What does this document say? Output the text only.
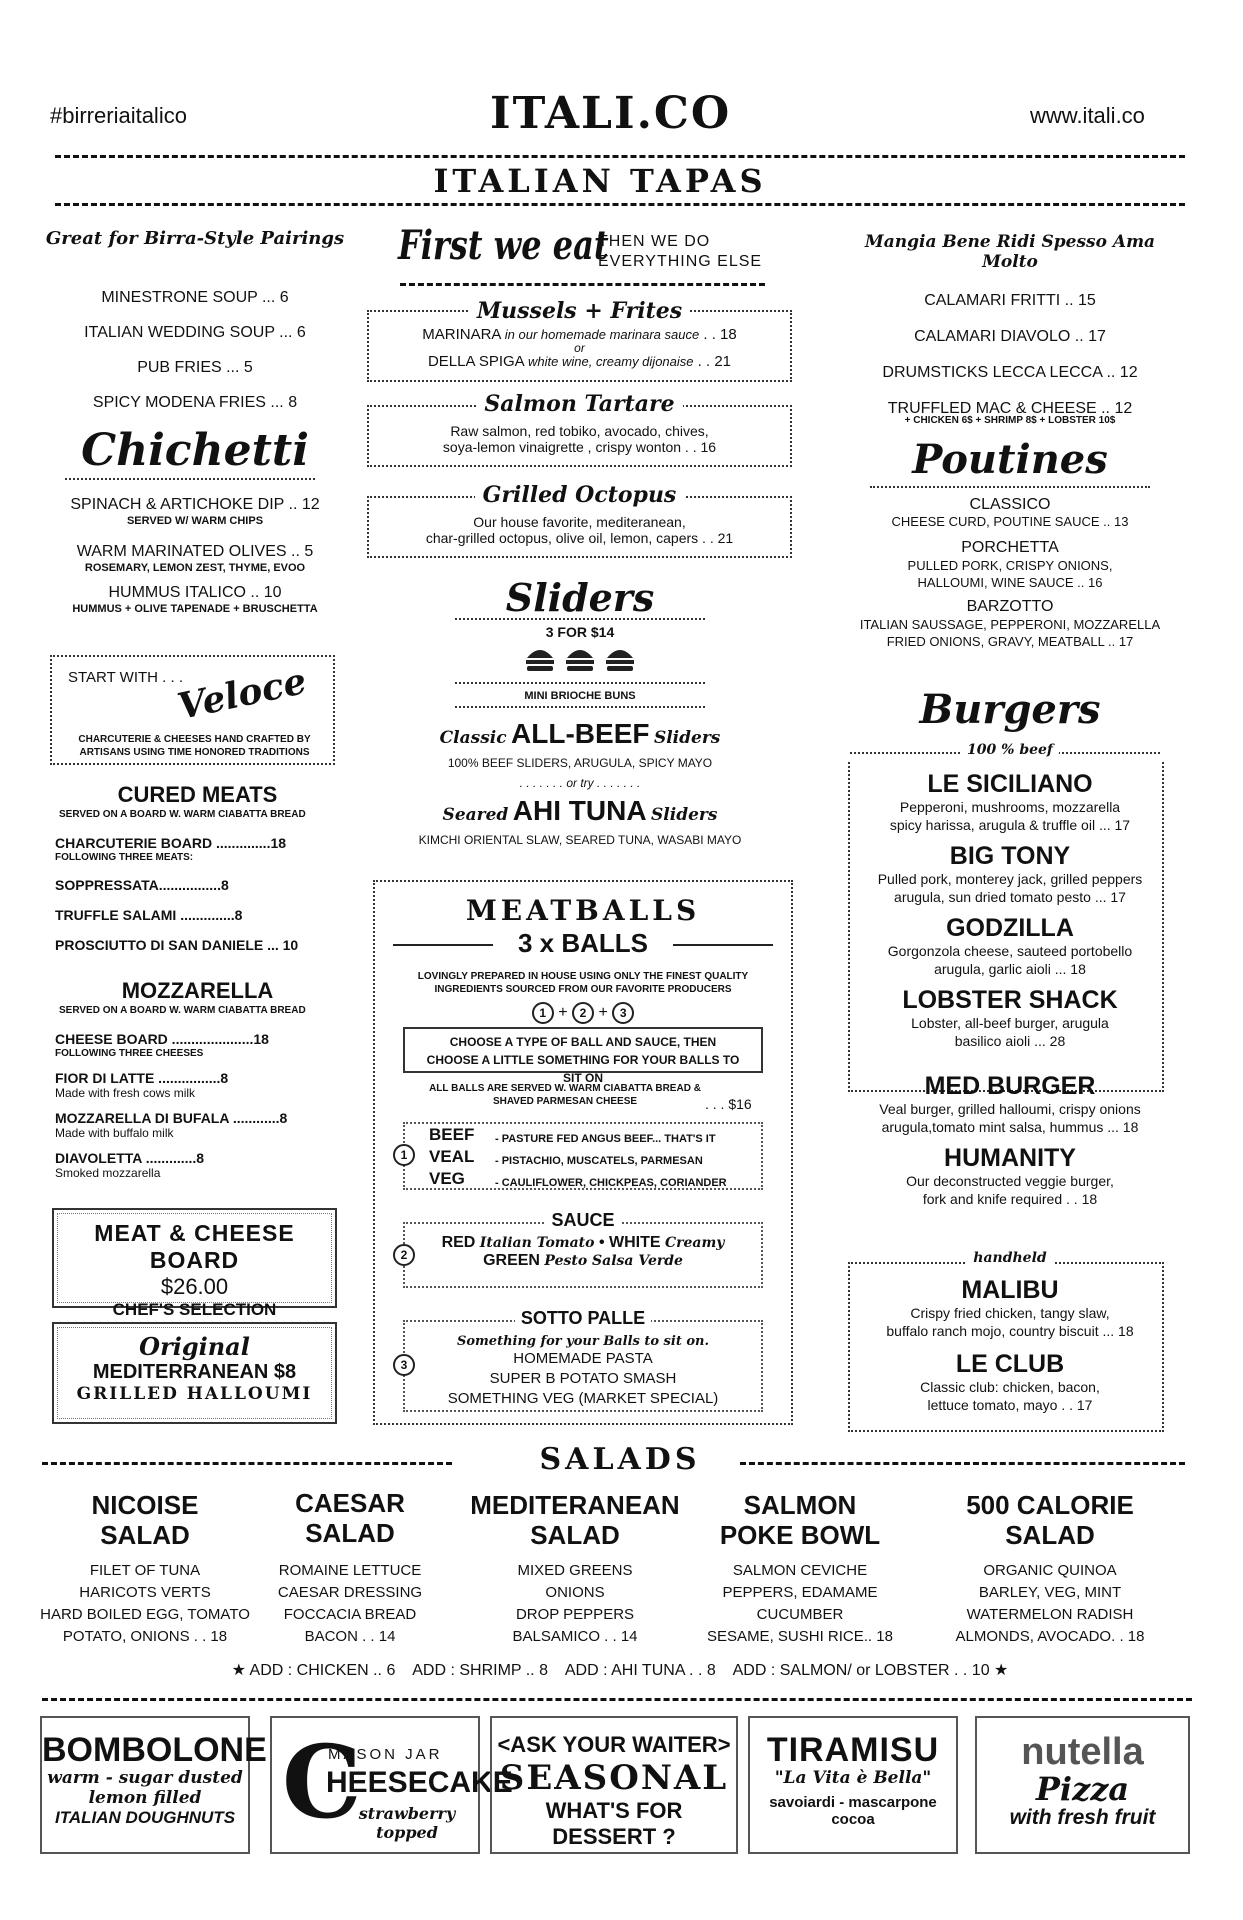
#birreriaitalico	ITALI.CO	www.itali.co
ITALIAN TAPAS
Great for Birra-Style Pairings
MINESTRONE SOUP ... 6
ITALIAN WEDDING SOUP ... 6
PUB FRIES ... 5
SPICY MODENA FRIES ... 8
Chichetti
SPINACH & ARTICHOKE DIP .. 12
SERVED W/ WARM CHIPS
WARM MARINATED OLIVES .. 5
ROSEMARY, LEMON ZEST, THYME, EVOO
HUMMUS ITALICO .. 10
HUMMUS + OLIVE TAPENADE + BRUSCHETTA
START WITH . . .
Veloce
CHARCUTERIE & CHEESES HAND CRAFTED BY ARTISANS USING TIME HONORED TRADITIONS
CURED MEATS
SERVED ON A BOARD W. WARM CIABATTA BREAD
CHARCUTERIE BOARD ..............18
FOLLOWING THREE MEATS:
SOPPRESSATA................8
TRUFFLE SALAMI ..............8
PROSCIUTTO DI SAN DANIELE ... 10
MOZZARELLA
SERVED ON A BOARD W. WARM CIABATTA BREAD
CHEESE BOARD .....................18
FOLLOWING THREE CHEESES
FIOR DI LATTE ................8
Made with fresh cows milk
MOZZARELLA DI BUFALA ............8
Made with buffalo milk
DIAVOLETTA .............8
Smoked mozzarella
MEAT & CHEESE BOARD
$26.00
CHEF'S SELECTION
Original
MEDITERRANEAN $8
GRILLED HALLOUMI
First we eat
THEN WE DO EVERYTHING ELSE
Mussels + Frites
MARINARA in our homemade marinara sauce . . 18
or
DELLA SPIGA white wine, creamy dijonaise . . 21
Salmon Tartare
Raw salmon, red tobiko, avocado, chives,
soya-lemon vinaigrette , crispy wonton . . 16
Grilled Octopus
Our house favorite, mediteranean,
char-grilled octopus, olive oil, lemon, capers . . 21
Sliders
3 FOR $14

MINI BRIOCHE BUNS
Classic ALL-BEEF Sliders
100% BEEF SLIDERS, ARUGULA, SPICY MAYO
. . . . . . . or try . . . . . . .
Seared AHI TUNA Sliders
KIMCHI ORIENTAL SLAW, SEARED TUNA, WASABI MAYO
MEATBALLS
3 x BALLS
LOVINGLY PREPARED IN HOUSE USING ONLY THE FINEST QUALITY INGREDIENTS SOURCED FROM OUR FAVORITE PRODUCERS
1 + 2 + 3
CHOOSE A TYPE OF BALL AND SAUCE, THEN CHOOSE A LITTLE SOMETHING FOR YOUR BALLS TO SIT ON
ALL BALLS ARE SERVED W. WARM CIABATTA BREAD & SHAVED PARMESAN CHEESE	. . . $16
1
BEEF
VEAL
VEG
- PASTURE FED ANGUS BEEF... THAT'S IT
- PISTACHIO, MUSCATELS, PARMESAN
- CAULIFLOWER, CHICKPEAS, CORIANDER
2
SAUCE
RED Italian Tomato • WHITE Creamy
GREEN Pesto Salsa Verde
3
SOTTO PALLE
Something for your Balls to sit on.
HOMEMADE PASTA
SUPER B POTATO SMASH
SOMETHING VEG (MARKET SPECIAL)
Mangia Bene Ridi Spesso Ama Molto
CALAMARI FRITTI .. 15
CALAMARI DIAVOLO .. 17
DRUMSTICKS LECCA LECCA .. 12
TRUFFLED MAC & CHEESE .. 12
+ CHICKEN 6$ + SHRIMP 8$ + LOBSTER 10$
Poutines
CLASSICO
CHEESE CURD, POUTINE SAUCE .. 13
PORCHETTA
PULLED PORK, CRISPY ONIONS,
HALLOUMI, WINE SAUCE .. 16
BARZOTTO
ITALIAN SAUSSAGE, PEPPERONI, MOZZARELLA
FRIED ONIONS, GRAVY, MEATBALL .. 17
Burgers
100 % beef
LE SICILIANO
Pepperoni, mushrooms, mozzarella
spicy harissa, arugula & truffle oil ... 17
BIG TONY
Pulled pork, monterey jack, grilled peppers
arugula, sun dried tomato pesto ... 17
GODZILLA
Gorgonzola cheese, sauteed portobello
arugula, garlic aioli ... 18
LOBSTER SHACK
Lobster, all-beef burger, arugula
basilico aioli ... 28
MED BURGER
Veal burger, grilled halloumi, crispy onions
arugula,tomato mint salsa, hummus ... 18
HUMANITY
Our deconstructed veggie burger,
fork and knife required . . 18
handheld
MALIBU
Crispy fried chicken, tangy slaw,
buffalo ranch mojo, country biscuit ... 18
LE CLUB
Classic club: chicken, bacon,
lettuce tomato, mayo . . 17
SALADS
NICOISE
SALAD
FILET OF TUNA
HARICOTS VERTS
HARD BOILED EGG, TOMATO
POTATO, ONIONS . . 18
CAESAR
SALAD
ROMAINE LETTUCE
CAESAR DRESSING
FOCCACIA BREAD
BACON . . 14
MEDITERANEAN
SALAD
MIXED GREENS
ONIONS
DROP PEPPERS
BALSAMICO . . 14
SALMON
POKE BOWL
SALMON CEVICHE
PEPPERS, EDAMAME
CUCUMBER
SESAME, SUSHI RICE.. 18
500 CALORIE
SALAD
ORGANIC QUINOA
BARLEY, VEG, MINT
WATERMELON RADISH
ALMONDS, AVOCADO. . 18
★ ADD : CHICKEN .. 6    ADD : SHRIMP .. 8    ADD : AHI TUNA . . 8    ADD : SALMON/ or LOBSTER . . 10 ★
BOMBOLONE
warm - sugar dusted
lemon filled
ITALIAN DOUGHNUTS C
MASON JAR
HEESECAKE
strawberry topped
<ASK YOUR WAITER>
SEASONAL
WHAT'S FOR DESSERT ?
TIRAMISU
"La Vita è Bella"
savoiardi - mascarpone
cocoa
nutella
Pizza
with fresh fruit
